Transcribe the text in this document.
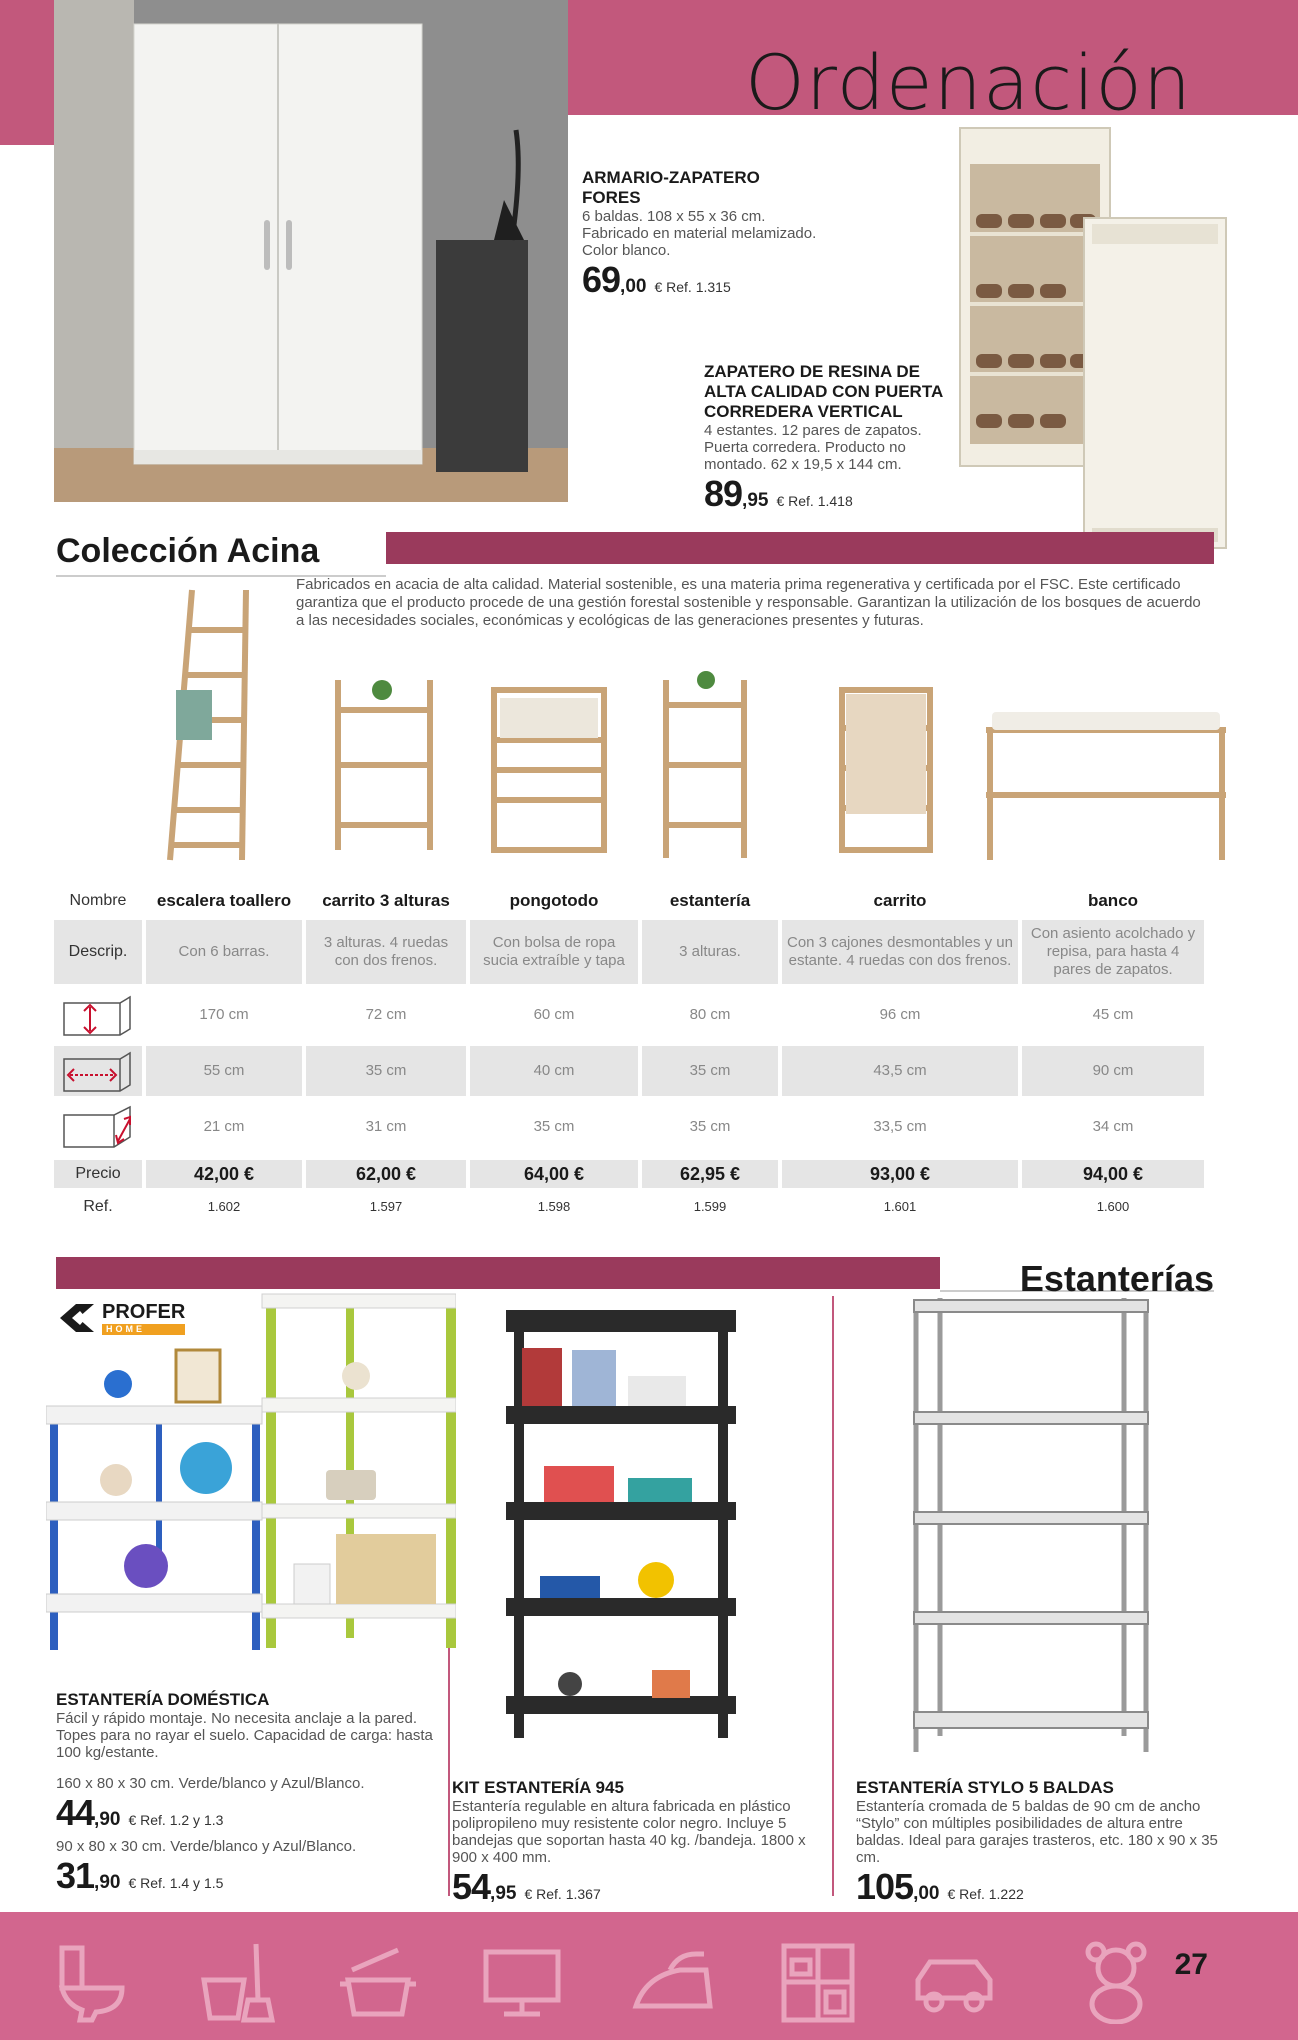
Ordenación
ARMARIO-ZAPATERO FORES
6 baldas. 108 x 55 x 36 cm. Fabricado en material melamizado. Color blanco.
69 ,00 € Ref. 1.315
ZAPATERO DE RESINA DE ALTA CALIDAD CON PUERTA CORREDERA VERTICAL
4 estantes. 12 pares de zapatos. Puerta corredera. Producto no montado. 62 x 19,5 x 144 cm.
89 ,95 € Ref. 1.418
Colección Acina
Fabricados en acacia de alta calidad. Material sostenible, es una materia prima regenerativa y certificada por el FSC. Este certificado garantiza que el producto procede de una gestión forestal sostenible y responsable. Garantizan la utilización de los bosques de acuerdo a las necesidades sociales, económicas y ecológicas de las generaciones presentes y futuras.
Nombre
Descrip.
Precio
Ref.
escalera toallero
Con 6 barras.
170 cm
55 cm
21 cm
42,00 €
1.602
carrito 3 alturas
3 alturas. 4 ruedas con dos frenos.
72 cm
35 cm
31 cm
62,00 €
1.597
pongotodo
Con bolsa de ropa sucia extraíble y tapa
60 cm
40 cm
35 cm
64,00 €
1.598
estantería
3 alturas.
80 cm
35 cm
35 cm
62,95 €
1.599
carrito
Con 3 cajones desmontables y un estante. 4 ruedas con dos frenos.
96 cm
43,5 cm
33,5 cm
93,00 €
1.601
banco
Con asiento acolchado y repisa, para hasta 4 pares de zapatos.
45 cm
90 cm
34 cm
94,00 €
1.600
Estanterías
PROFER
HOME
ESTANTERÍA DOMÉSTICA
Fácil y rápido montaje. No necesita anclaje a la pared. Topes para no rayar el suelo. Capacidad de carga: hasta 100 kg/estante.
160 x 80 x 30 cm. Verde/blanco y Azul/Blanco.
44 ,90 € Ref. 1.2 y 1.3
90 x 80 x 30 cm. Verde/blanco y Azul/Blanco.
31 ,90 € Ref. 1.4 y 1.5
KIT ESTANTERÍA 945
Estantería regulable en altura fabricada en plástico polipropileno muy resistente color negro. Incluye 5 bandejas que soportan hasta 40 kg. /bandeja. 1800 x 900 x 400 mm.
54 ,95 € Ref. 1.367
ESTANTERÍA STYLO 5 BALDAS
Estantería cromada de 5 baldas de 90 cm de ancho “Stylo” con múltiples posibilidades de altura entre baldas. Ideal para garajes trasteros, etc. 180 x 90 x 35 cm.
105 ,00 € Ref. 1.222
27
